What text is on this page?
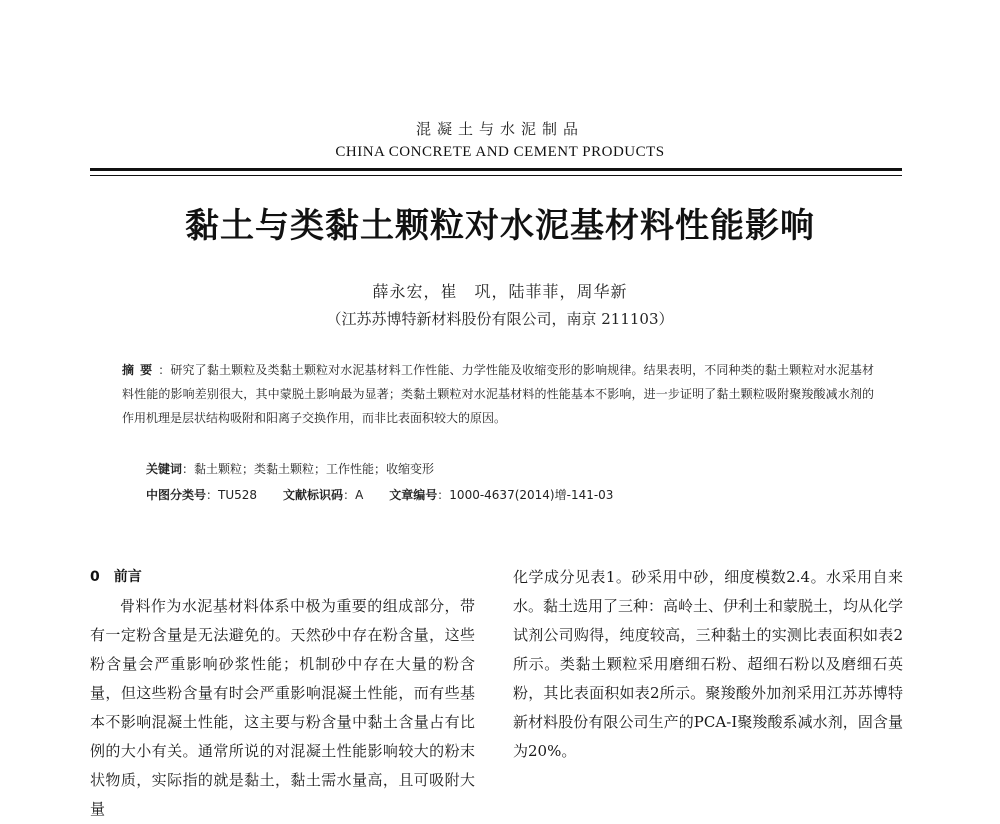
混凝土与水泥制品
CHINA CONCRETE AND CEMENT PRODUCTS
黏土与类黏土颗粒对水泥基材料性能影响
薛永宏，崔　巩，陆菲菲，周华新
（江苏苏博特新材料股份有限公司，南京 211103）
摘要：研究了黏土颗粒及类黏土颗粒对水泥基材料工作性能、力学性能及收缩变形的影响规律。结果表明，不同种类的黏土颗粒对水泥基材料性能的影响差别很大，其中蒙脱土影响最为显著；类黏土颗粒对水泥基材料的性能基本不影响，进一步证明了黏土颗粒吸附聚羧酸减水剂的作用机理是层状结构吸附和阳离子交换作用，而非比表面积较大的原因。
关键词：黏土颗粒；类黏土颗粒；工作性能；收缩变形
中图分类号：TU528 文献标识码：A 文章编号：1000-4637(2014)增-141-03
0　前言
骨料作为水泥基材料体系中极为重要的组成部分，带有一定粉含量是无法避免的。天然砂中存在粉含量，这些粉含量会严重影响砂浆性能；机制砂中存在大量的粉含量，但这些粉含量有时会严重影响混凝土性能，而有些基本不影响混凝土性能，这主要与粉含量中黏土含量占有比例的大小有关。通常所说的对混凝土性能影响较大的粉末状物质，实际指的就是黏土，黏土需水量高，且可吸附大量
化学成分见表1。砂采用中砂，细度模数2.4。水采用自来水。黏土选用了三种：高岭土、伊利土和蒙脱土，均从化学试剂公司购得，纯度较高，三种黏土的实测比表面积如表2所示。类黏土颗粒采用磨细石粉、超细石粉以及磨细石英粉，其比表面积如表2所示。聚羧酸外加剂采用江苏苏博特新材料股份有限公司生产的PCA-Ⅰ聚羧酸系减水剂，固含量为20%。
